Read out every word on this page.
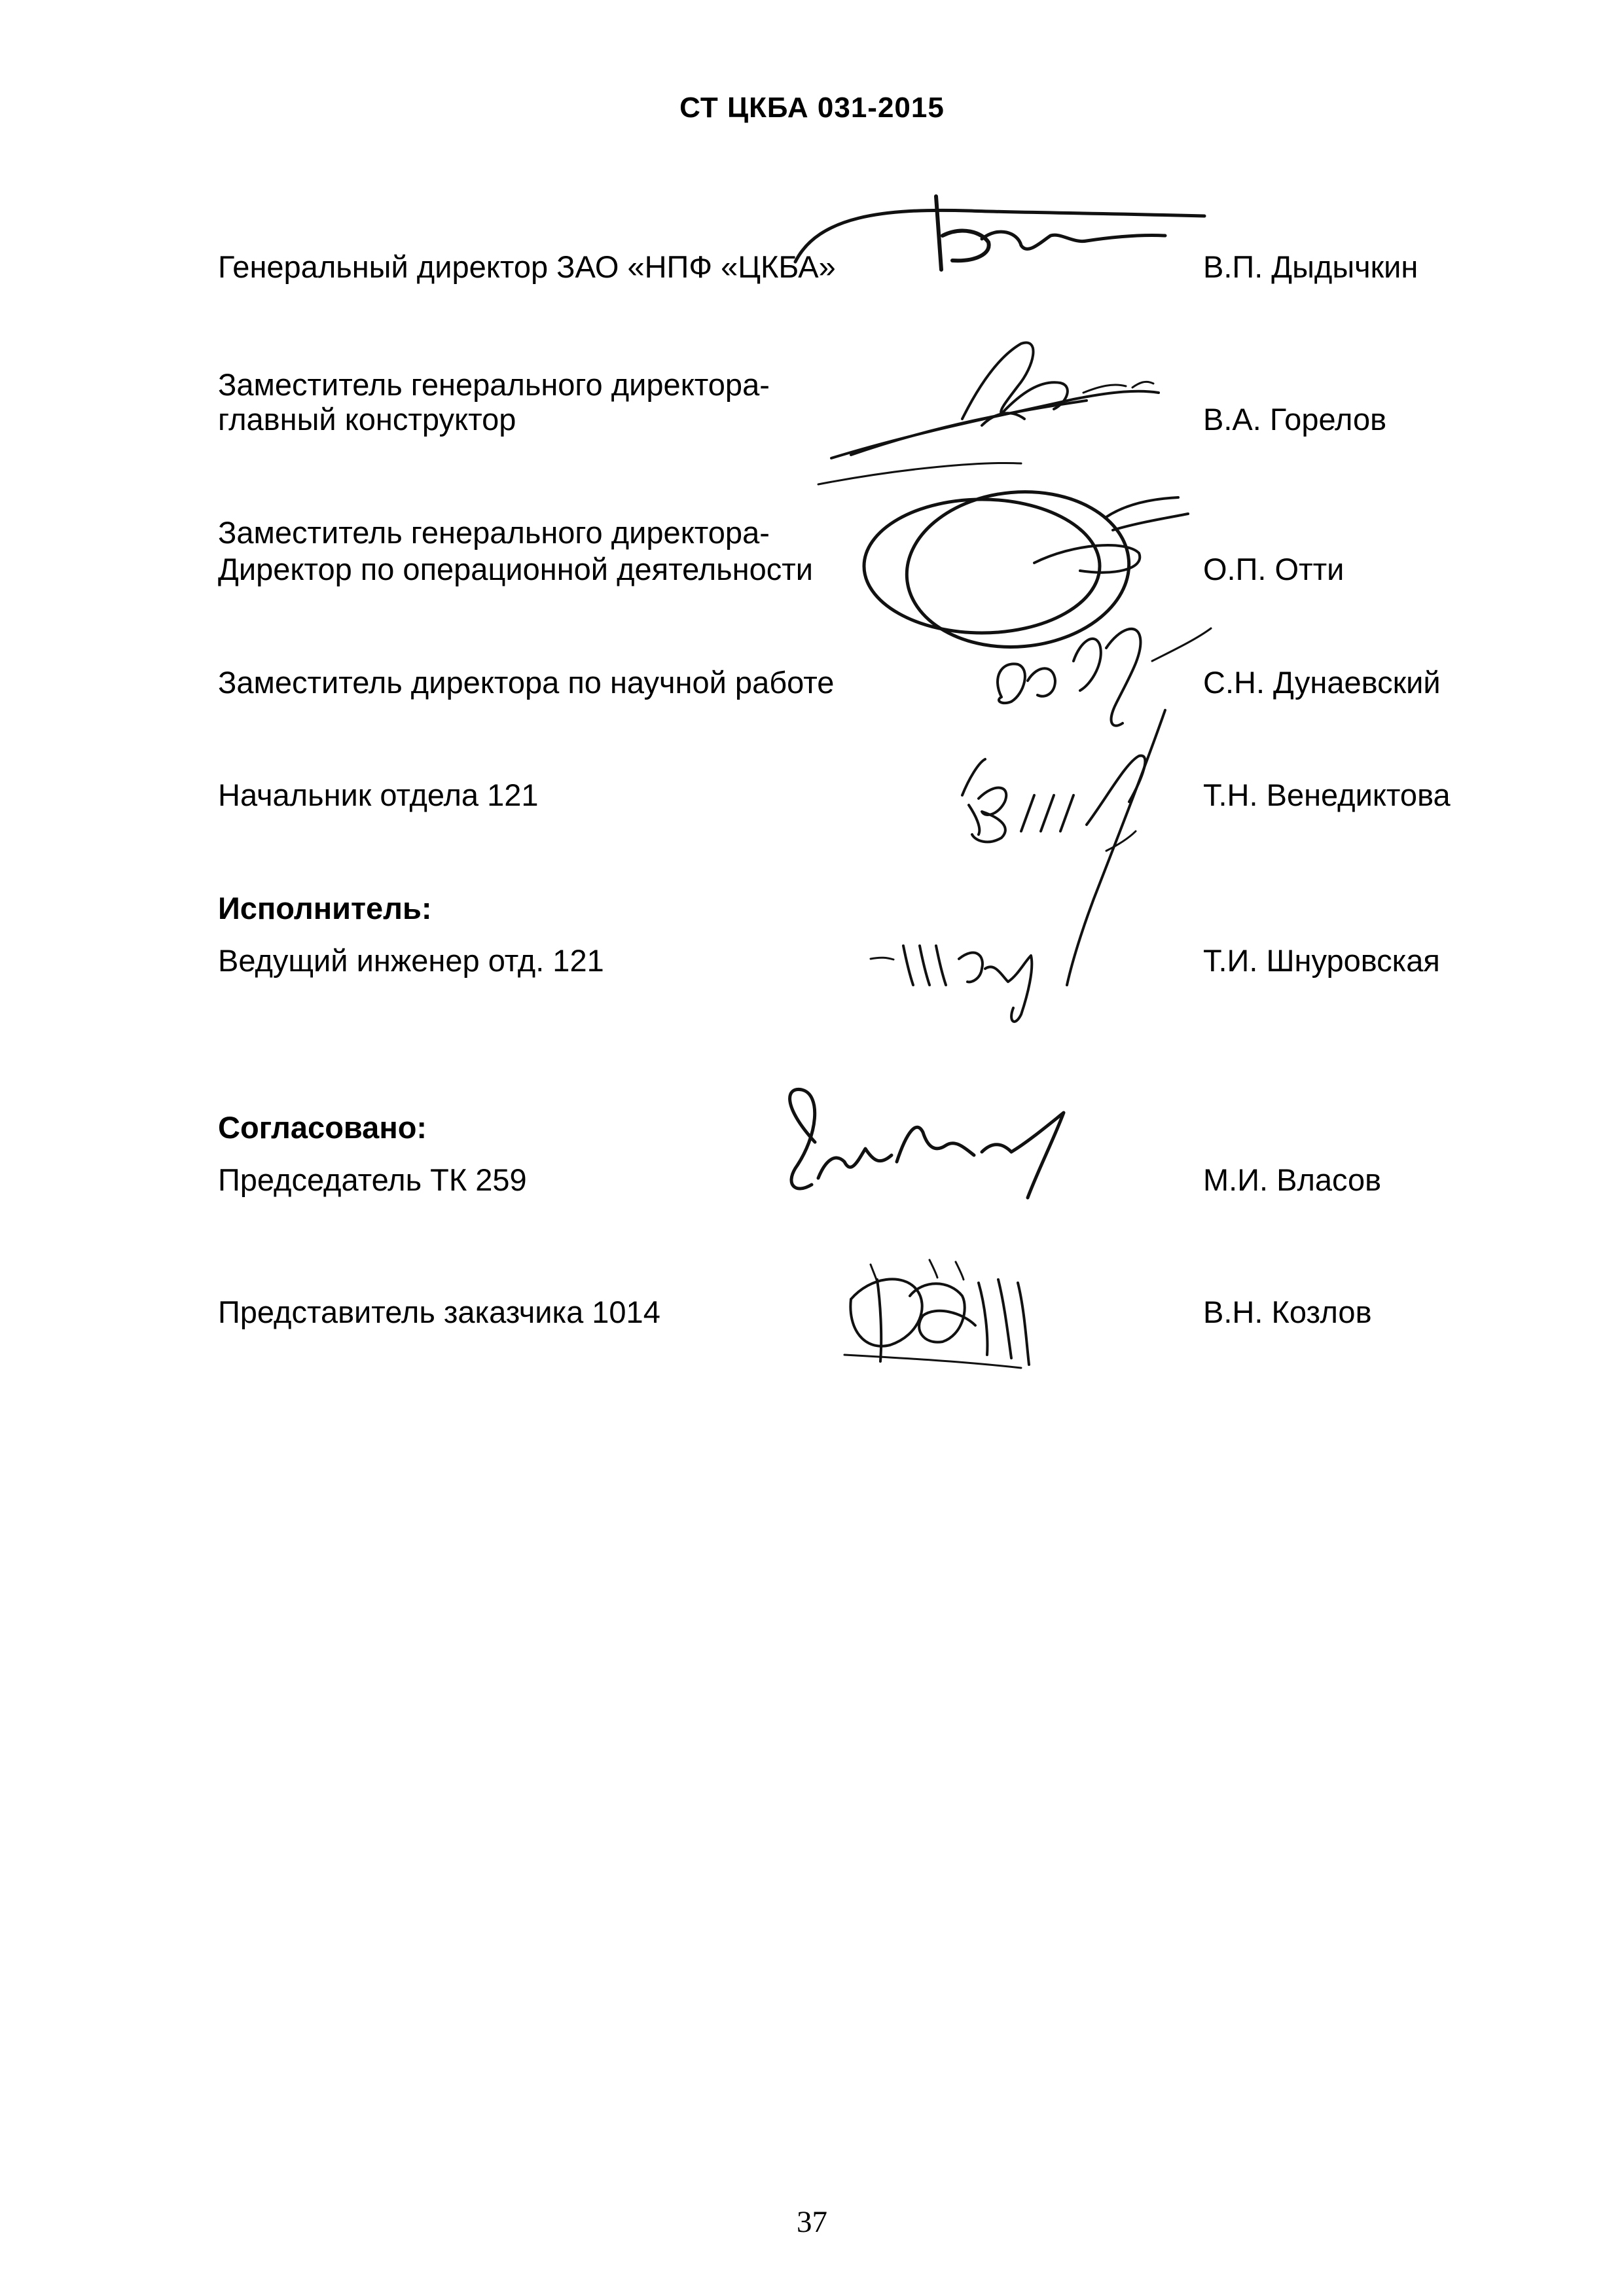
СТ ЦКБА 031-2015
Генеральный директор ЗАО «НПФ «ЦКБА»	В.П. Дыдычкин
Заместитель генерального директора-
главный конструктор	В.А. Горелов
Заместитель генерального директора-
Директор по операционной деятельности	О.П. Отти
Заместитель директора по научной работе	С.Н. Дунаевский
Начальник отдела 121	Т.Н. Венедиктова
Исполнитель:
Ведущий инженер отд. 121	Т.И. Шнуровская
Согласовано:
Председатель ТК 259	М.И. Власов
Представитель заказчика 1014	В.Н. Козлов
37
